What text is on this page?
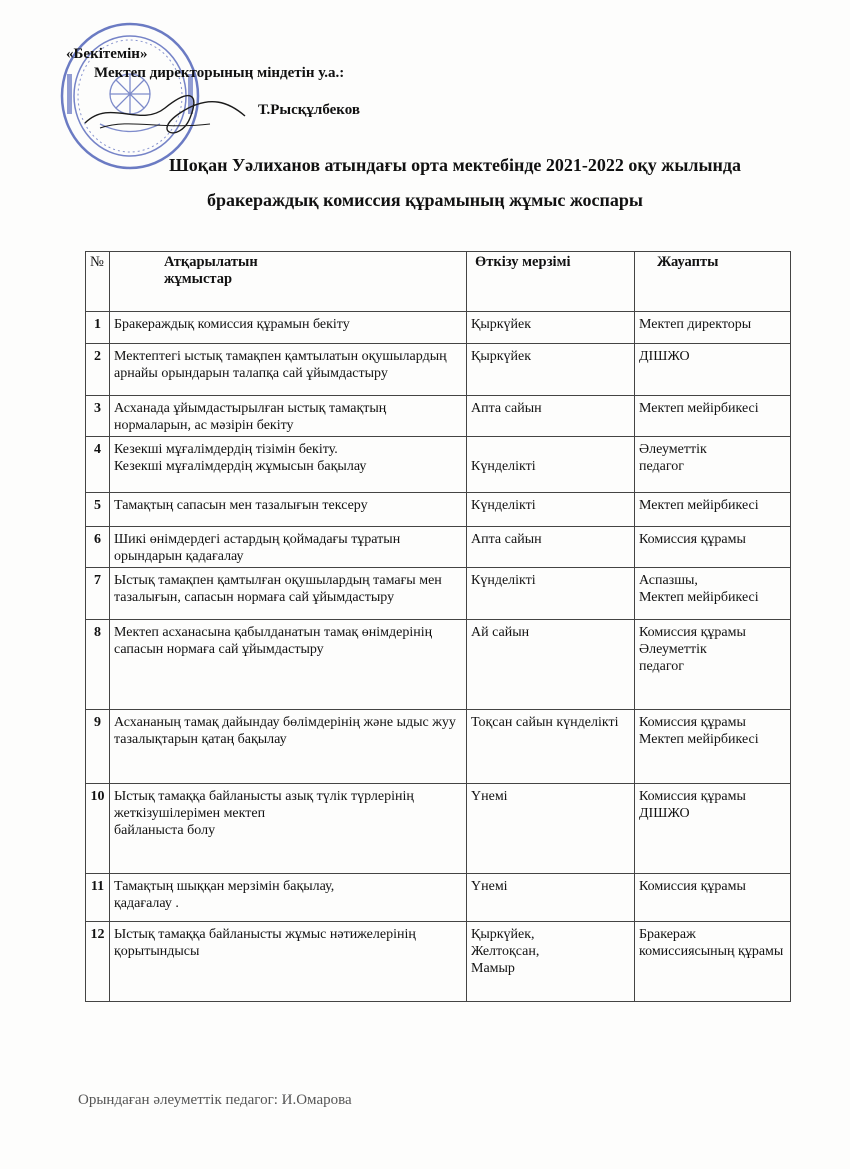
«Бекітемін»
Мектеп директорының міндетін у.а.:
Т.Рысқұлбеков
Шоқан Уәлиханов атындағы орта мектебінде 2021-2022 оқу жылында
бракераждық комиссия құрамының жұмыс жоспары
№	Атқарылатын жұмыстар	Өткізу мерзімі	Жауапты
1	Бракераждық комиссия құрамын бекіту	Қыркүйек	Мектеп директоры
2	Мектептегі ыстық тамақпен қамтылатын оқушылардың арнайы орындарын талапқа сай ұйымдастыру	Қыркүйек	ДІШЖО
3	Асханада ұйымдастырылған ыстық тамақтың нормаларын, ас мәзірін бекіту	Апта сайын	Мектеп мейірбикесі
4	Кезекші мұғалімдердің тізімін бекіту.
Кезекші мұғалімдердің жұмысын бақылау	
Күнделікті	Әлеуметтік
педагог
5	Тамақтың сапасын мен тазалығын тексеру	Күнделікті	Мектеп мейірбикесі
6	Шикі өнімдердегі астардың қоймадағы тұратын орындарын қадағалау	Апта сайын	Комиссия құрамы
7	Ыстық тамақпен қамтылған оқушылардың тамағы мен тазалығын, сапасын нормаға сай ұйымдастыру	Күнделікті	Аспазшы,
Мектеп мейірбикесі
8	Мектеп асханасына қабылданатын тамақ өнімдерінің сапасын нормаға сай ұйымдастыру	Ай сайын	Комиссия құрамы
Әлеуметтік
педагог
9	Асхананың тамақ дайындау бөлімдерінің және ыдыс жуу тазалықтарын қатаң бақылау	Тоқсан сайын күнделікті	Комиссия құрамы
Мектеп мейірбикесі
10	Ыстық тамаққа байланысты азық түлік түрлерінің жеткізушілерімен мектеп
байланыста болу	Үнемі	Комиссия құрамы
ДІШЖО
11	Тамақтың шыққан мерзімін бақылау,
қадағалау .	Үнемі	Комиссия құрамы
12	Ыстық тамаққа байланысты жұмыс нәтижелерінің қорытындысы	Қыркүйек,
Желтоқсан,
Мамыр	Бракераж комиссиясының құрамы
Орындаған әлеуметтік педагог: И.Омарова
